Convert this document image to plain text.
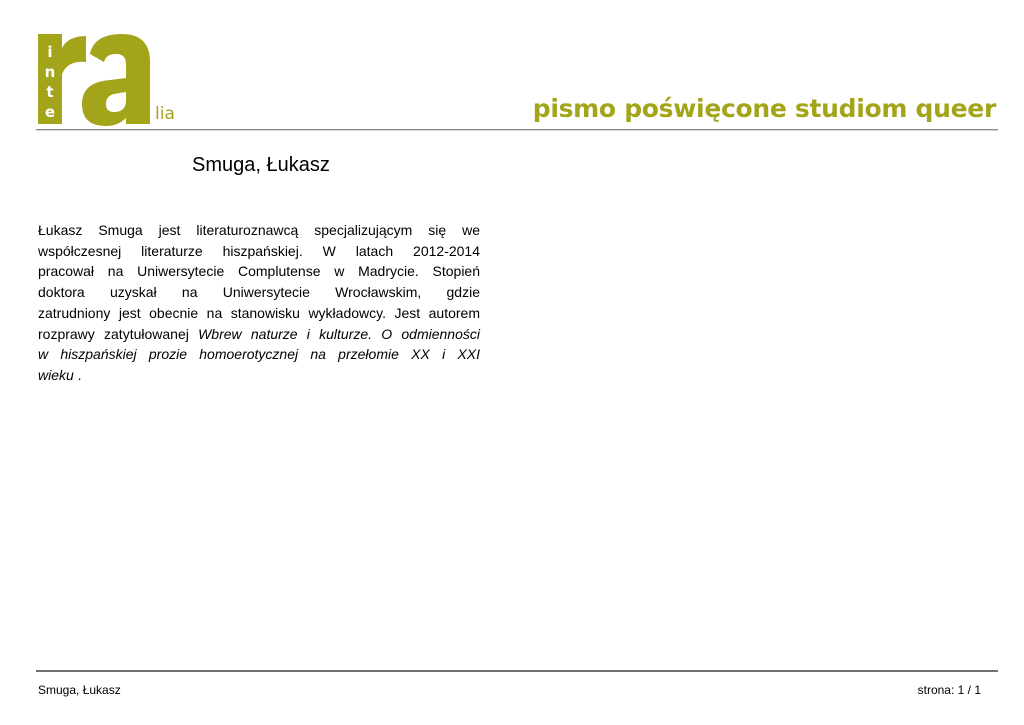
i
n
t
e	lia	pismo poświęcone studiom queer
Smuga, Łukasz
Łukasz Smuga jest literaturoznawcą specjalizującym się we
współczesnej literaturze hiszpańskiej. W latach 2012-2014
pracował na Uniwersytecie Complutense w Madrycie. Stopień
doktora uzyskał na Uniwersytecie Wrocławskim, gdzie
zatrudniony jest obecnie na stanowisku wykładowcy. Jest autorem
rozprawy zatytułowanej Wbrew naturze i kulturze. O odmienności
w hiszpańskiej prozie homoerotycznej na przełomie XX i XXI
wieku .
Smuga, Łukasz	strona: 1 / 1
